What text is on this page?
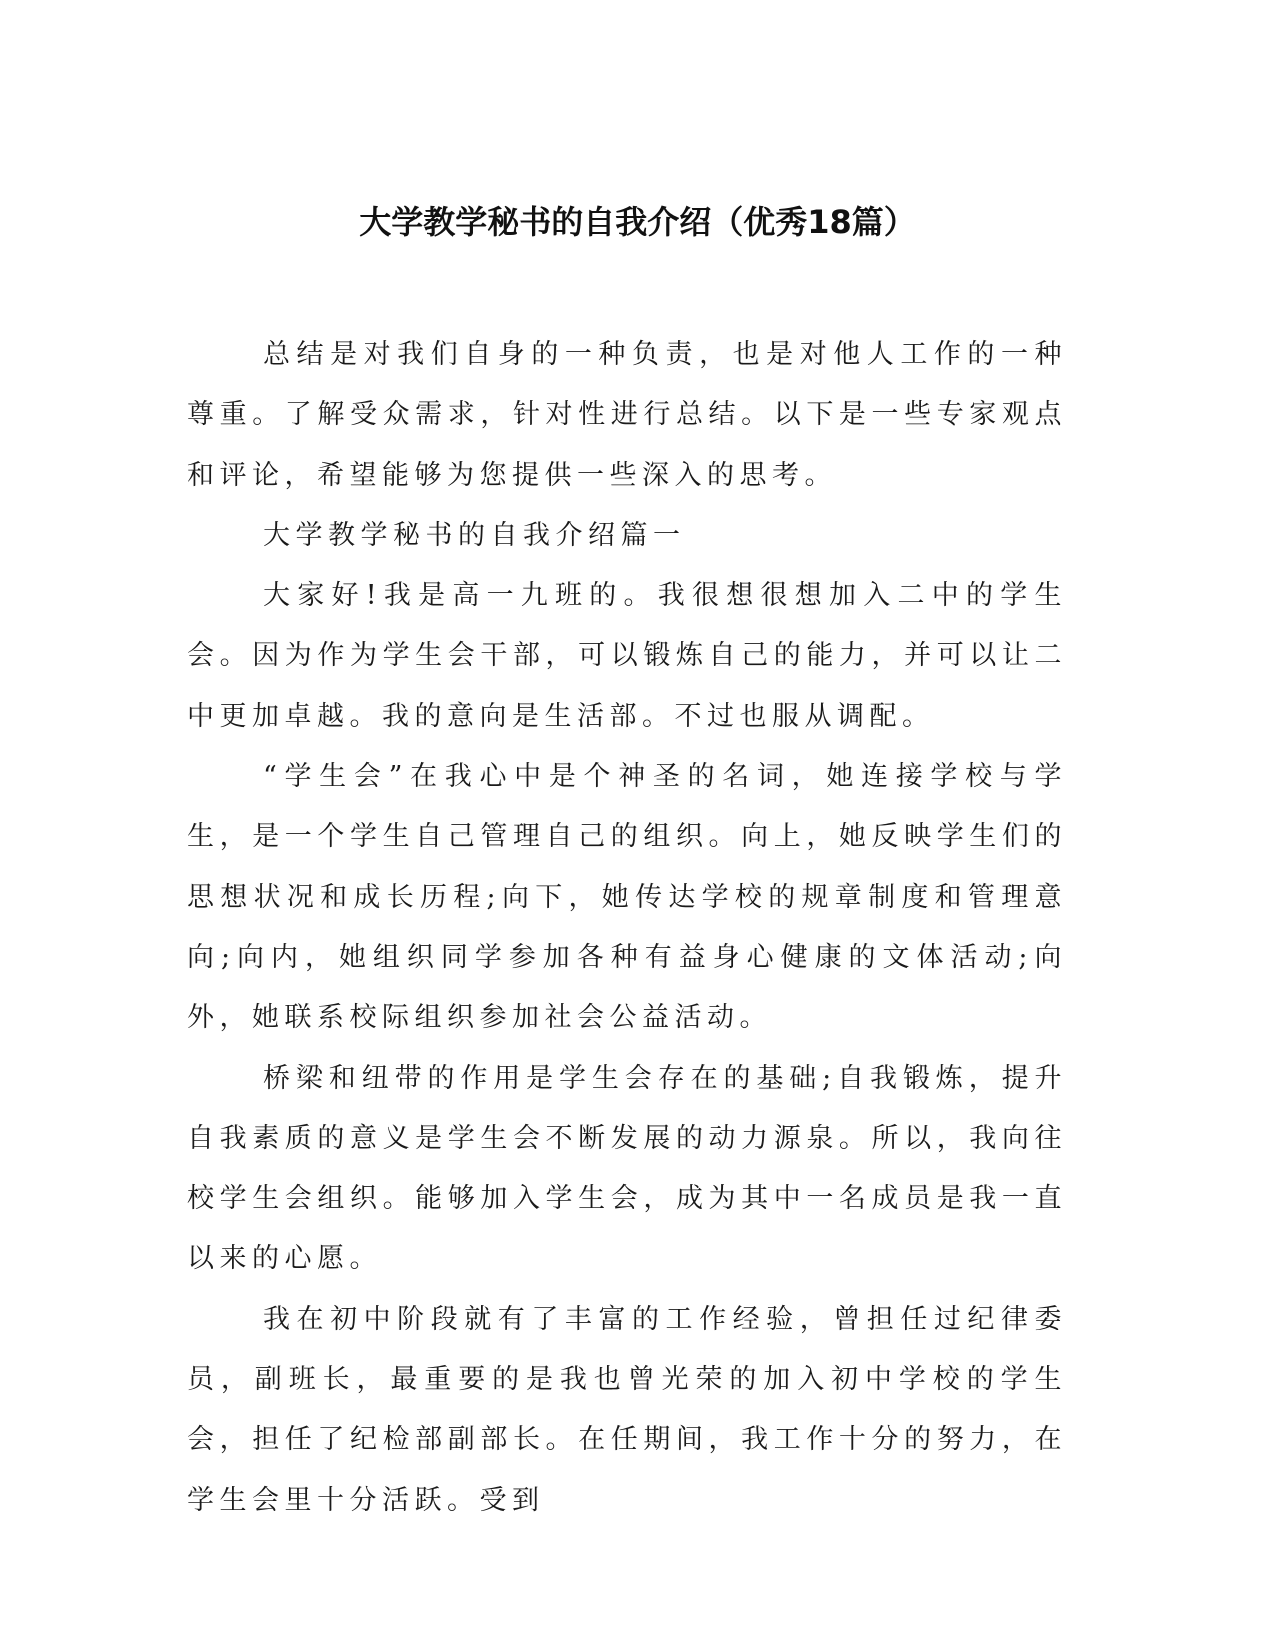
大学教学秘书的自我介绍（优秀18篇）

总结是对我们自身的一种负责，也是对他人工作的一种尊重。了解受众需求，针对性进行总结。以下是一些专家观点和评论，希望能够为您提供一些深入的思考。

大学教学秘书的自我介绍篇一

大家好!我是高一九班的。我很想很想加入二中的学生会。因为作为学生会干部，可以锻炼自己的能力，并可以让二中更加卓越。我的意向是生活部。不过也服从调配。

“学生会”在我心中是个神圣的名词，她连接学校与学生，是一个学生自己管理自己的组织。向上，她反映学生们的思想状况和成长历程;向下，她传达学校的规章制度和管理意向;向内，她组织同学参加各种有益身心健康的文体活动;向外，她联系校际组织参加社会公益活动。

桥梁和纽带的作用是学生会存在的基础;自我锻炼，提升自我素质的意义是学生会不断发展的动力源泉。所以，我向往校学生会组织。能够加入学生会，成为其中一名成员是我一直以来的心愿。

我在初中阶段就有了丰富的工作经验，曾担任过纪律委员，副班长，最重要的是我也曾光荣的加入初中学校的学生会，担任了纪检部副部长。在任期间，我工作十分的努力，在学生会里十分活跃。受到
